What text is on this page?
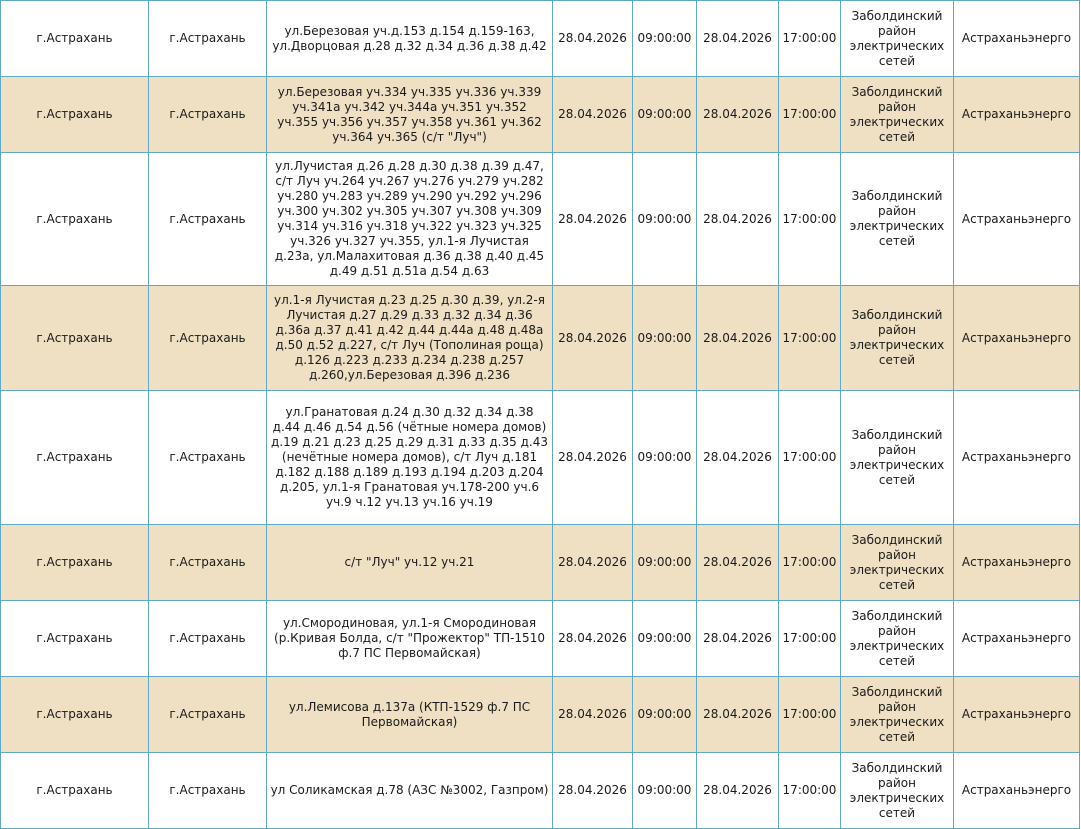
г.Астрахань	г.Астрахань	ул.Березовая уч.д.153 д.154 д.159-163, ул.Дворцовая д.28 д.32 д.34 д.36 д.38 д.42	28.04.2026	09:00:00	28.04.2026	17:00:00	Заболдинский район электрических сетей	Астраханьэнерго
г.Астрахань	г.Астрахань	ул.Березовая уч.334 уч.335 уч.336 уч.339 уч.341а уч.342 уч.344а уч.351 уч.352 уч.355 уч.356 уч.357 уч.358 уч.361 уч.362 уч.364 уч.365 (с/т "Луч")	28.04.2026	09:00:00	28.04.2026	17:00:00	Заболдинский район электрических сетей	Астраханьэнерго
г.Астрахань	г.Астрахань	ул.Лучистая д.26 д.28 д.30 д.38 д.39 д.47, с/т Луч уч.264 уч.267 уч.276 уч.279 уч.282 уч.280 уч.283 уч.289 уч.290 уч.292 уч.296 уч.300 уч.302 уч.305 уч.307 уч.308 уч.309 уч.314 уч.316 уч.318 уч.322 уч.323 уч.325 уч.326 уч.327 уч.355, ул.1-я Лучистая д.23а, ул.Малахитовая д.36 д.38 д.40 д.45 д.49 д.51 д.51а д.54 д.63	28.04.2026	09:00:00	28.04.2026	17:00:00	Заболдинский район электрических сетей	Астраханьэнерго
г.Астрахань	г.Астрахань	ул.1-я Лучистая д.23 д.25 д.30 д.39, ул.2-я Лучистая д.27 д.29 д.33 д.32 д.34 д.36 д.36а д.37 д.41 д.42 д.44 д.44а д.48 д.48а д.50 д.52 д.227, с/т Луч (Тополиная роща) д.126 д.223 д.233 д.234 д.238 д.257 д.260,ул.Березовая д.396 д.236	28.04.2026	09:00:00	28.04.2026	17:00:00	Заболдинский район электрических сетей	Астраханьэнерго
г.Астрахань	г.Астрахань	ул.Гранатовая д.24 д.30 д.32 д.34 д.38 д.44 д.46 д.54 д.56 (чётные номера домов) д.19 д.21 д.23 д.25 д.29 д.31 д.33 д.35 д.43 (нечётные номера домов), с/т Луч д.181 д.182 д.188 д.189 д.193 д.194 д.203 д.204 д.205, ул.1-я Гранатовая уч.178-200 уч.6 уч.9 ч.12 уч.13 уч.16 уч.19	28.04.2026	09:00:00	28.04.2026	17:00:00	Заболдинский район электрических сетей	Астраханьэнерго
г.Астрахань	г.Астрахань	с/т "Луч" уч.12 уч.21	28.04.2026	09:00:00	28.04.2026	17:00:00	Заболдинский район электрических сетей	Астраханьэнерго
г.Астрахань	г.Астрахань	ул.Смородиновая, ул.1-я Смородиновая (р.Кривая Болда, с/т "Прожектор" ТП-1510 ф.7 ПС Первомайская)	28.04.2026	09:00:00	28.04.2026	17:00:00	Заболдинский район электрических сетей	Астраханьэнерго
г.Астрахань	г.Астрахань	ул.Лемисова д.137а (КТП-1529 ф.7 ПС Первомайская)	28.04.2026	09:00:00	28.04.2026	17:00:00	Заболдинский район электрических сетей	Астраханьэнерго
г.Астрахань	г.Астрахань	ул Соликамская д.78 (АЗС №3002, Газпром)	28.04.2026	09:00:00	28.04.2026	17:00:00	Заболдинский район электрических сетей	Астраханьэнерго
